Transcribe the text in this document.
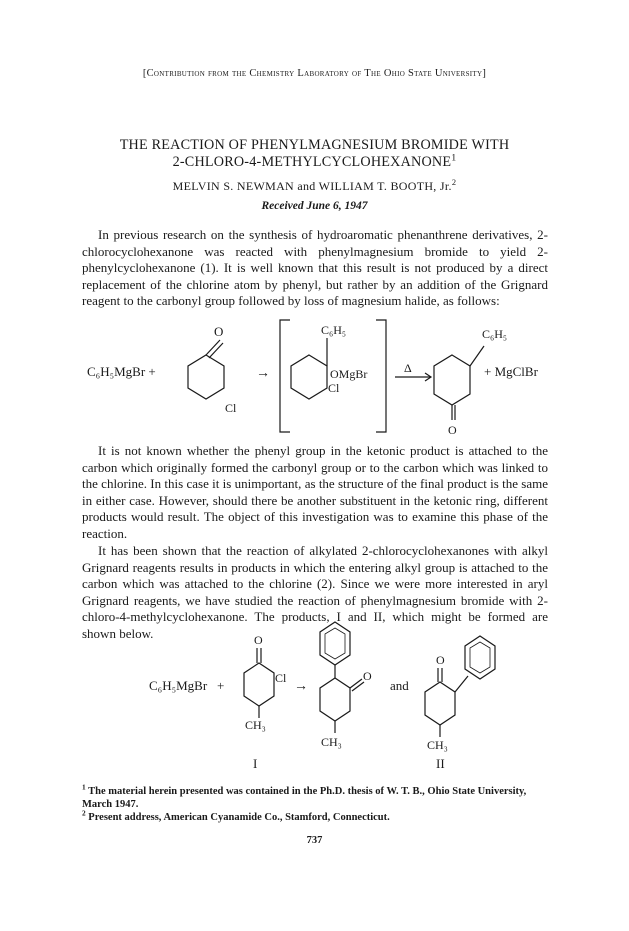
[Contribution from the Chemistry Laboratory of The Ohio State University]
THE REACTION OF PHENYLMAGNESIUM BROMIDE WITH
2-CHLORO-4-METHYLCYCLOHEXANONE$^1$
MELVIN S. NEWMAN and WILLIAM T. BOOTH, Jr.$^2$
Received June 6, 1947

In previous research on the synthesis of hydroaromatic phenanthrene derivatives, 2-chlorocyclohexanone was reacted with phenylmagnesium bromide to yield 2-phenylcyclohexanone (1). It is well known that this result is not produced by a direct replacement of the chlorine atom by phenyl, but rather by an addition of the Grignard reagent to the carbonyl group followed by loss of magnesium halide, as follows:

It is not known whether the phenyl group in the ketonic product is attached to the carbon which originally formed the carbonyl group or to the carbon which was linked to the chlorine. In this case it is unimportant, as the structure of the final product is the same in either case. However, should there be another substituent in the ketonic ring, different products would result. The object of this investigation was to examine this phase of the reaction.

It has been shown that the reaction of alkylated 2-chlorocyclohexanones with alkyl Grignard reagents results in products in which the entering alkyl group is attached to the carbon which was attached to the chlorine (2). Since we were more interested in aryl Grignard reagents, we have studied the reaction of phenylmagnesium bromide with 2-chloro-4-methylcyclohexanone. The products, I and II, which might be formed are shown below.

C₆H₅MgBr +
O
Cl
→
C₆H₅
OMgBr
Cl
Δ
C₆H₅
O
+ MgClBr
C₆H₅MgBr +
O
Cl
CH₃
→
O
CH₃
and
O
CH₃
I	II
$^1$ The material herein presented was contained in the Ph.D. thesis of W. T. B., Ohio State University, March 1947.
$^2$ Present address, American Cyanamide Co., Stamford, Connecticut.
737
